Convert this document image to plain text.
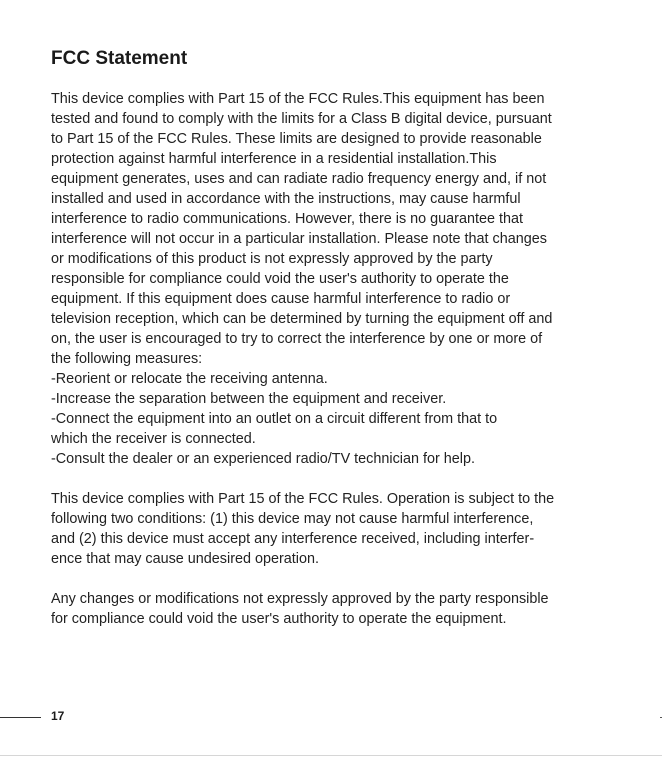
FCC Statement

This device complies with Part 15 of the FCC Rules.This equipment has been
tested and found to comply with the limits for a Class B digital device, pursuant
to Part 15 of the FCC Rules. These limits are designed to provide reasonable
protection against harmful interference in a residential installation.This
equipment generates, uses and can radiate radio frequency energy and, if not
installed and used in accordance with the instructions, may cause harmful
interference to radio communications. However, there is no guarantee that
interference will not occur in a particular installation. Please note that changes
or modifications of this product is not expressly approved by the party
responsible for compliance could void the user's authority to operate the
equipment. If this equipment does cause harmful interference to radio or
television reception, which can be determined by turning the equipment off and
on, the user is encouraged to try to correct the interference by one or more of
the following measures:
-Reorient or relocate the receiving antenna.
-Increase the separation between the equipment and receiver.
-Connect the equipment into an outlet on a circuit different from that to
which the receiver is connected.
-Consult the dealer or an experienced radio/TV technician for help.

This device complies with Part 15 of the FCC Rules. Operation is subject to the
following two conditions: (1) this device may not cause harmful interference,
and (2) this device must accept any interference received, including interfer-
ence that may cause undesired operation.

Any changes or modifications not expressly approved by the party responsible
for compliance could void the user's authority to operate the equipment.

17
